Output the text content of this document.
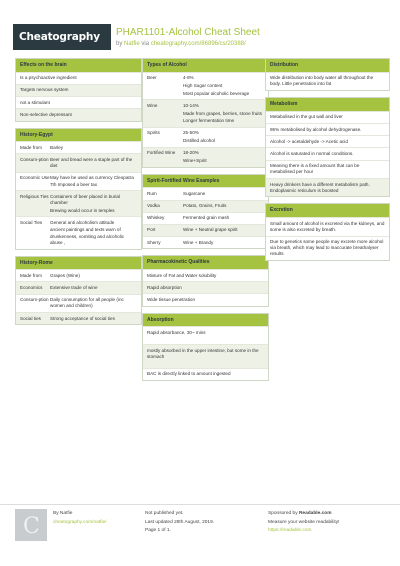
Cheatography PHAR1101-Alcohol Cheat Sheet
by Natfie via cheatography.com/86896/cs/20388/
Effects on the brain
Is a psychoactive ingredient
Targets nervous system
not a stimulant
Non-selective depressant
History-Egypt
Made from	Barley
Consum-ption Beer and bread were a staple part of the diet
Economic Use May have be used as currency Cleopatra 7th Imposed a beer tax
Religious Ties Containers of beer placed in burial chamber
Brewing would occur in temples
Social Ties	General anti alcoholism attitude
ancient paintings and texts warn of drunkenness, vomiting and alcoholic abuse ,
History-Rome
Made from	Grapes (Wine)
Economics	Extensive trade of wine
Consum-ption Daily consumption for all people (inc women and children)
Social ties	Strong acceptance of social ties
Types of Alcohol
Beer	4-8%
High Sugar content
Most popular alcoholic beverage
Wine	10-14%
Made from grapes, berries, stone fruits
Longer fermentation time
Spirits	25-50%
Distilled alcohol
Fortified Wine	18-20%
Wine+Spirit
Spirit-Fortified Wine Examples
Rum	Sugarcane
Vodka	Potato, Grains, Fruits
Whiskey	Fermented grain mash
Port	Wine + Neutral grape spirit
Sherry	Wine + Brandy
Pharmacokinetic Qualities
Mixture of Fat and Water solubility
Rapid absorption
Wide tissue penetration
Absorption
Rapid absorbance, 30~ mins
mostly absorbed in the upper intestine, but some in the stomach
BAC is directly linked to amount ingested
Distribution
Wide distribution into body water all throughout the body. Little penetration into fat
Metabolism
Metabolised in the gut wall and liver
95% metabolised by alcohol dehydrogenase.
Alcohol -> acetaldehyde -> Acetic acid
Alcohol is saturated in normal conditions.
Meaning there is a fixed amount that can be metabolised per hour
Heavy drinkers have a different metabolism path. Endoplasmic reticulum is boosted
Excretion
Small amount of alcohol is excreted via the kidneys, and some is also excreted by breath.
Due to genetics some people may excrete more alcohol via breath, which may lead to inaccurate breathalyser results
C
By Natfie
cheatography.com/natfie/
Not published yet.
Last updated 28th August, 2019.
Page 1 of 1.
Sponsored by Readable.com
Measure your website readability!
https://readable.com
